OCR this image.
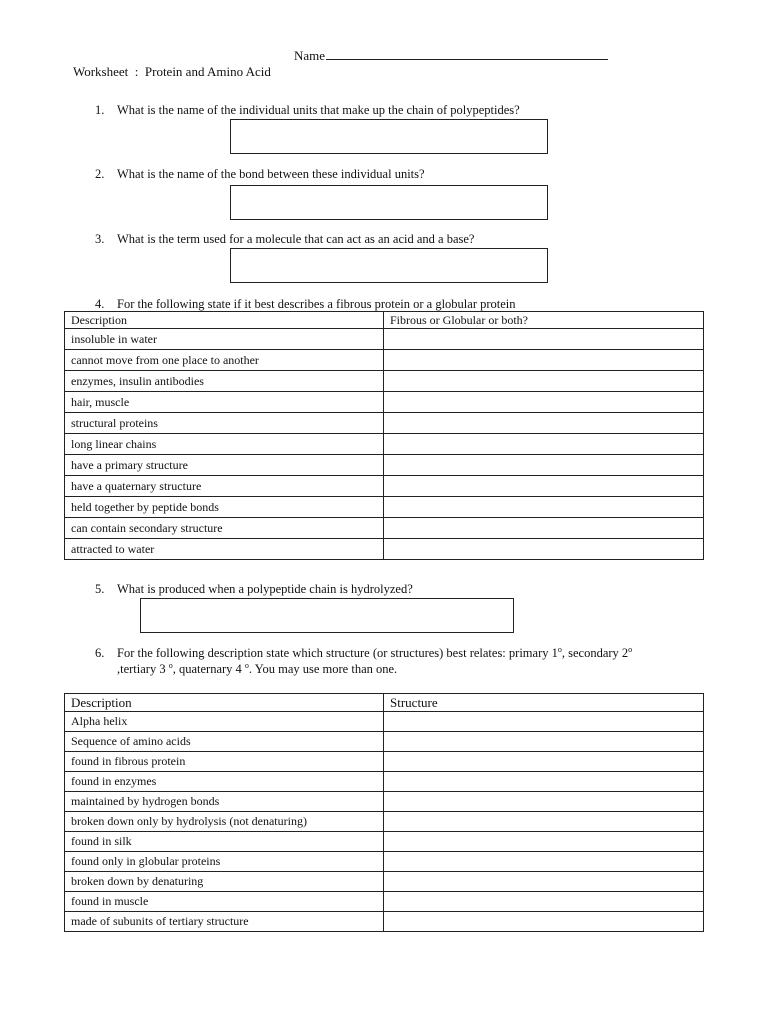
Name
Worksheet  :  Protein and Amino Acid
1. What is the name of the individual units that make up the chain of polypeptides?
2. What is the name of the bond between these individual units?
3. What is the term used for a molecule that can act as an acid and a base?
4. For the following state if it best describes a fibrous protein or a globular protein
Description	Fibrous or Globular or both?
insoluble in water	
cannot move from one place to another	
enzymes, insulin antibodies	
hair, muscle	
structural proteins	
long linear chains	
have a primary structure	
have a quaternary structure	
held together by peptide bonds	
can contain secondary structure	
attracted to water	
5. What is produced when a polypeptide chain is hydrolyzed?
6. For the following description state which structure (or structures) best relates: primary 1$^o$, secondary 2$^o$
,tertiary 3 $^o$, quaternary 4 $^o$. You may use more than one.
Description	Structure
Alpha helix	
Sequence of amino acids	
found in fibrous protein	
found in enzymes	
maintained by hydrogen bonds	
broken down only by hydrolysis (not denaturing)	
found in silk	
found only in globular proteins	
broken down by denaturing	
found in muscle	
made of subunits of tertiary structure	
